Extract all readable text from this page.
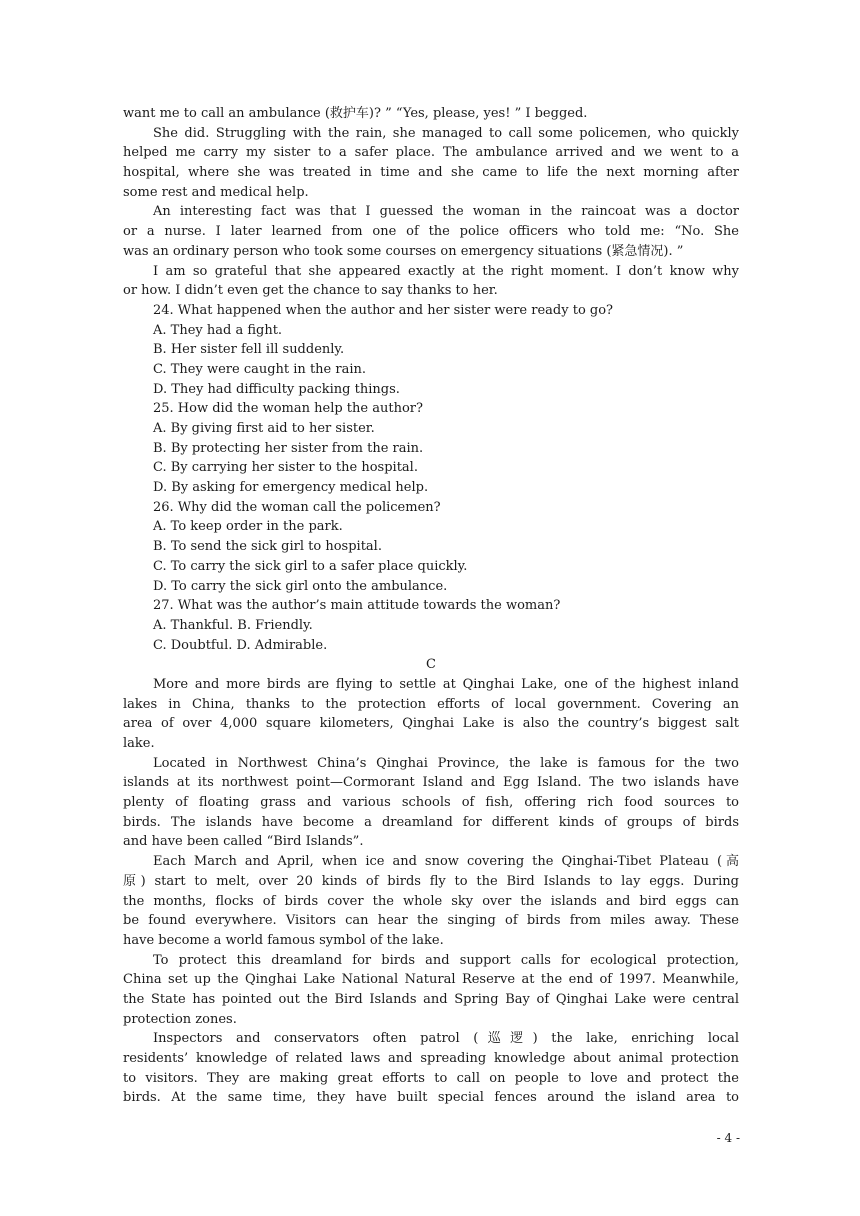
want me to call an ambulance (救护车)? ” “Yes, please, yes! ” I begged.
She did. Struggling with the rain, she managed to call some policemen, who quickly
helped me carry my sister to a safer place. The ambulance arrived and we went to a
hospital, where she was treated in time and she came to life the next morning after
some rest and medical help.
An interesting fact was that I guessed the woman in the raincoat was a doctor
or a nurse. I later learned from one of the police officers who told me: “No. She
was an ordinary person who took some courses on emergency situations (紧急情况). ”
I am so grateful that she appeared exactly at the right moment. I don’t know why
or how. I didn’t even get the chance to say thanks to her.
24. What happened when the author and her sister were ready to go?
A. They had a fight.
B. Her sister fell ill suddenly.
C. They were caught in the rain.
D. They had difficulty packing things.
25. How did the woman help the author?
A. By giving first aid to her sister.
B. By protecting her sister from the rain.
C. By carrying her sister to the hospital.
D. By asking for emergency medical help.
26. Why did the woman call the policemen?
A. To keep order in the park.
B. To send the sick girl to hospital.
C. To carry the sick girl to a safer place quickly.
D. To carry the sick girl onto the ambulance.
27. What was the author’s main attitude towards the woman?
A. Thankful. B. Friendly.
C. Doubtful. D. Admirable.
C
More and more birds are flying to settle at Qinghai Lake, one of the highest inland
lakes in China, thanks to the protection efforts of local government. Covering an
area of over 4,000 square kilometers, Qinghai Lake is also the country’s biggest salt
lake.
Located in Northwest China’s Qinghai Province, the lake is famous for the two
islands at its northwest point—Cormorant Island and Egg Island. The two islands have
plenty of floating grass and various schools of fish, offering rich food sources to
birds. The islands have become a dreamland for different kinds of groups of birds
and have been called “Bird Islands”.
Each March and April, when ice and snow covering the Qinghai-Tibet Plateau (高
原) start to melt, over 20 kinds of birds fly to the Bird Islands to lay eggs. During
the months, flocks of birds cover the whole sky over the islands and bird eggs can
be found everywhere. Visitors can hear the singing of birds from miles away. These
have become a world famous symbol of the lake.
To protect this dreamland for birds and support calls for ecological protection,
China set up the Qinghai Lake National Natural Reserve at the end of 1997. Meanwhile,
the State has pointed out the Bird Islands and Spring Bay of Qinghai Lake were central
protection zones.
Inspectors and conservators often patrol (巡逻) the lake, enriching local
residents’ knowledge of related laws and spreading knowledge about animal protection
to visitors. They are making great efforts to call on people to love and protect the
birds. At the same time, they have built special fences around the island area to
- 4 -
